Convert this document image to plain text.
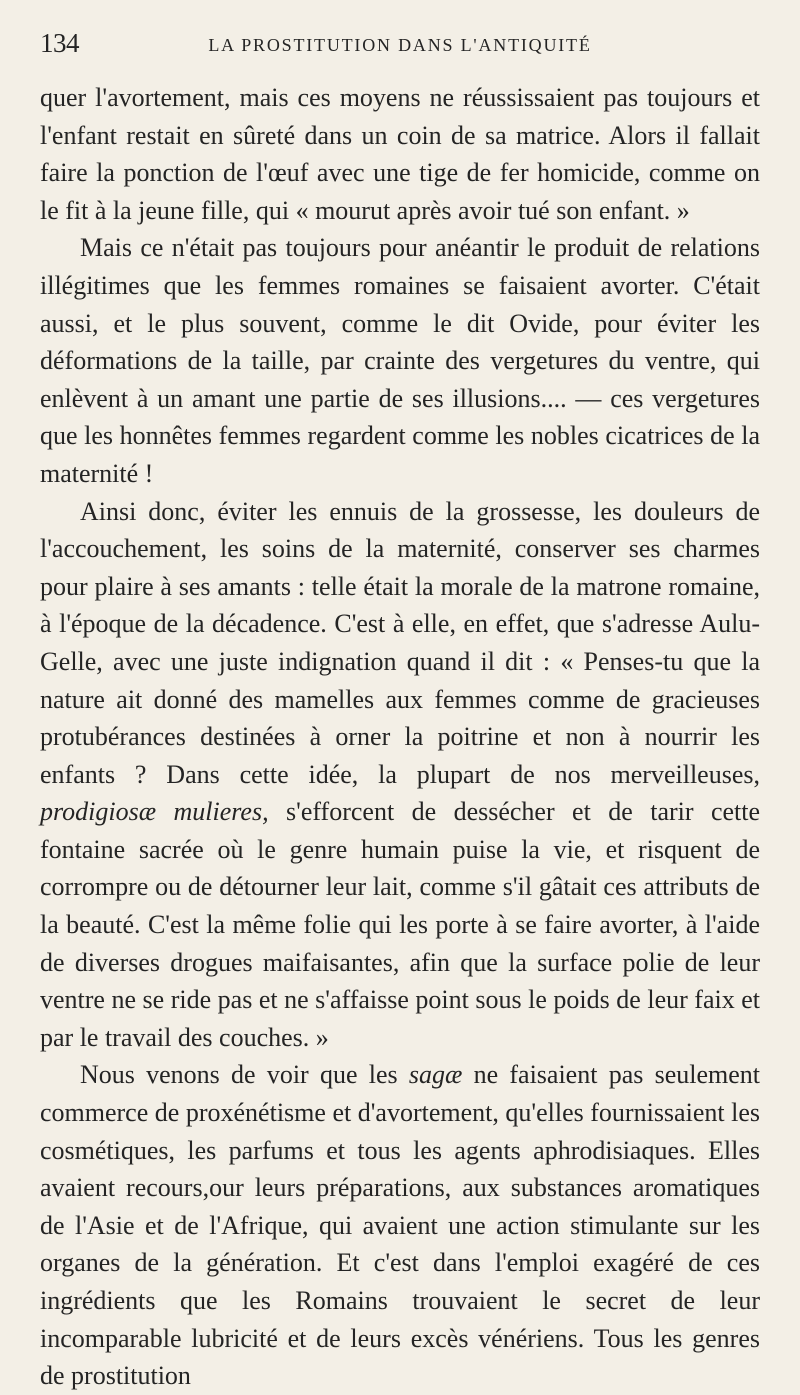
134	LA PROSTITUTION DANS L'ANTIQUITÉ

quer l'avortement, mais ces moyens ne réussissaient pas toujours et l'enfant restait en sûreté dans un coin de sa matrice. Alors il fallait faire la ponction de l'œuf avec une tige de fer homicide, comme on le fit à la jeune fille, qui « mourut après avoir tué son enfant. »

Mais ce n'était pas toujours pour anéantir le produit de relations illégitimes que les femmes romaines se faisaient avorter. C'était aussi, et le plus souvent, comme le dit Ovide, pour éviter les déformations de la taille, par crainte des vergetures du ventre, qui enlèvent à un amant une partie de ses illusions.... — ces vergetures que les honnêtes femmes regardent comme les nobles cicatrices de la maternité !

Ainsi donc, éviter les ennuis de la grossesse, les douleurs de l'accouchement, les soins de la maternité, conserver ses charmes pour plaire à ses amants : telle était la morale de la matrone romaine, à l'époque de la décadence. C'est à elle, en effet, que s'adresse Aulu-Gelle, avec une juste indignation quand il dit : « Penses-tu que la nature ait donné des mamelles aux femmes comme de gracieuses protubérances destinées à orner la poitrine et non à nourrir les enfants ? Dans cette idée, la plupart de nos merveilleuses, prodigiosæ mulieres, s'efforcent de dessécher et de tarir cette fontaine sacrée où le genre humain puise la vie, et risquent de corrompre ou de détourner leur lait, comme s'il gâtait ces attributs de la beauté. C'est la même folie qui les porte à se faire avorter, à l'aide de diverses drogues maifaisantes, afin que la surface polie de leur ventre ne se ride pas et ne s'affaisse point sous le poids de leur faix et par le travail des couches. »

Nous venons de voir que les sagæ ne faisaient pas seulement commerce de proxénétisme et d'avortement, qu'elles fournissaient les cosmétiques, les parfums et tous les agents aphrodisiaques. Elles avaient recours,our leurs préparations, aux substances aromatiques de l'Asie et de l'Afrique, qui avaient une action stimulante sur les organes de la génération. Et c'est dans l'emploi exagéré de ces ingrédients que les Romains trouvaient le secret de leur incomparable lubricité et de leurs excès vénériens. Tous les genres de prostitution
